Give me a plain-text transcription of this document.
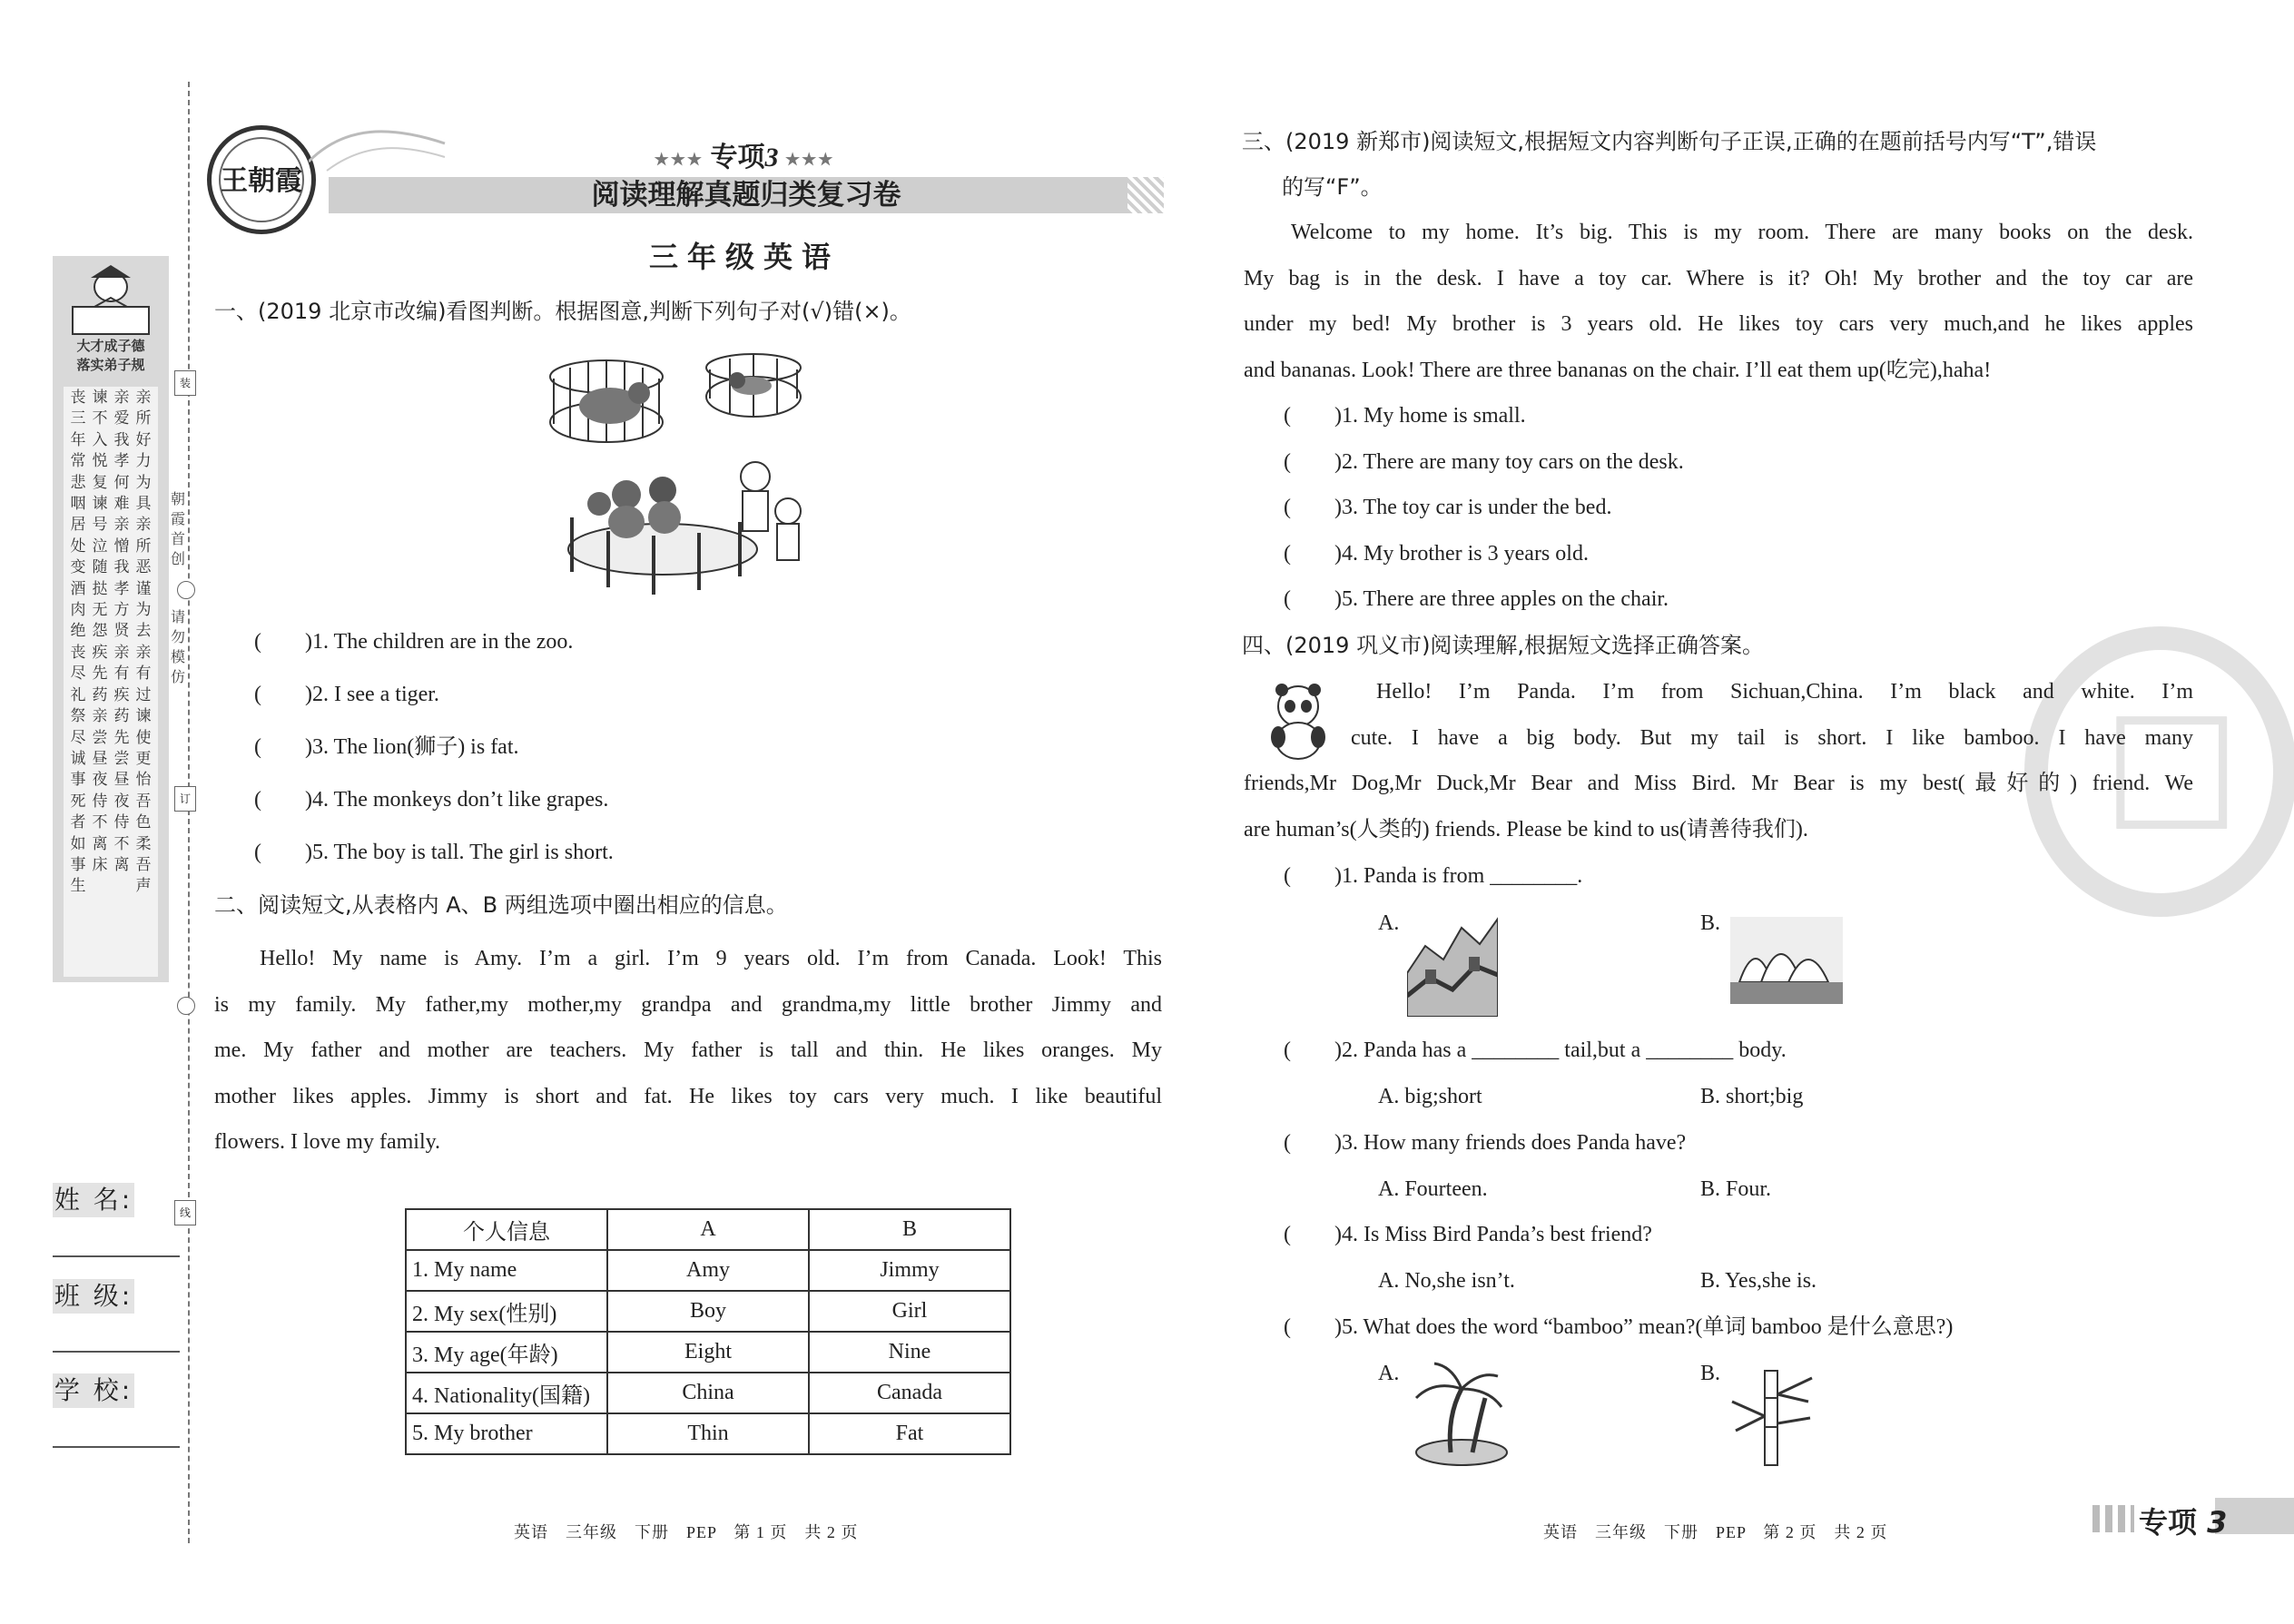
大才成子德
落实弟子规
丧三年常悲咽居处变酒肉绝丧尽礼祭尽诚事死者如事生
谏不入悦复谏号泣随挞无怨疾先药亲尝昼夜侍不离床
亲爱我孝何难亲憎我孝方贤亲有疾药先尝昼夜侍不离
亲所好力为具亲所恶谨为去亲有过谏使更怡吾色柔吾声
装
朝霞首创
请勿模仿
订
线
姓 名:
班 级:
学 校:
王朝霞
★★★ 专项3 ★★★
阅读理解真题归类复习卷
三年级英语
一、(2019 北京市改编)看图判断。根据图意,判断下列句子对(√)错(×)。
(　　)1. The children are in the zoo.
(　　)2. I see a tiger.
(　　)3. The lion(狮子) is fat.
(　　)4. The monkeys don’t like grapes.
(　　)5. The boy is tall. The girl is short.
二、阅读短文,从表格内 A、B 两组选项中圈出相应的信息。
Hello! My name is Amy. I’m a girl. I’m 9 years old. I’m from Canada. Look! This
is my family. My father,my mother,my grandpa and grandma,my little brother Jimmy and
me. My father and mother are teachers. My father is tall and thin. He likes oranges. My
mother likes apples. Jimmy is short and fat. He likes toy cars very much. I like beautiful
flowers. I love my family.
个人信息	A	B
1. My name	Amy	Jimmy
2. My sex(性别)	Boy	Girl
3. My age(年龄)	Eight	Nine
4. Nationality(国籍)	China	Canada
5. My brother	Thin	Fat
英语　三年级　下册　PEP　第 1 页　共 2 页
☐
三、(2019 新郑市)阅读短文,根据短文内容判断句子正误,正确的在题前括号内写“T”,错误
的写“F”。
Welcome to my home. It’s big. This is my room. There are many books on the desk.
My bag is in the desk. I have a toy car. Where is it? Oh! My brother and the toy car are
under my bed! My brother is 3 years old. He likes toy cars very much,and he likes apples
and bananas. Look! There are three bananas on the chair. I’ll eat them up(吃完),haha!
(　　)1. My home is small.
(　　)2. There are many toy cars on the desk.
(　　)3. The toy car is under the bed.
(　　)4. My brother is 3 years old.
(　　)5. There are three apples on the chair.
四、(2019 巩义市)阅读理解,根据短文选择正确答案。
Hello! I’m Panda. I’m from Sichuan,China. I’m black and white. I’m
cute. I have a big body. But my tail is short. I like bamboo. I have many
friends,Mr Dog,Mr Duck,Mr Bear and Miss Bird. Mr Bear is my best(最好的) friend. We
are human’s(人类的) friends. Please be kind to us(请善待我们).
(　　)1. Panda is from ________.
A.	B.
(　　)2. Panda has a ________ tail,but a ________ body.
A. big;short	B. short;big
(　　)3. How many friends does Panda have?
A. Fourteen.	B. Four.
(　　)4. Is Miss Bird Panda’s best friend?
A. No,she isn’t.	B. Yes,she is.
(　　)5. What does the word “bamboo” mean?(单词 bamboo 是什么意思?)
A.	B.
英语　三年级　下册　PEP　第 2 页　共 2 页	专项 3
